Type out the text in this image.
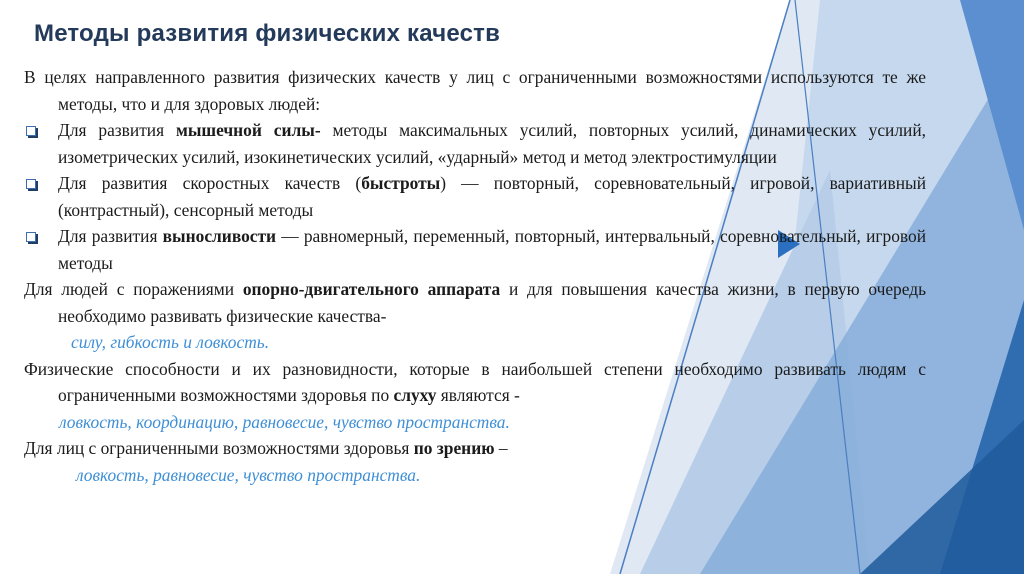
Методы развития физических качеств

В целях направленного развития физических качеств у лиц с ограниченными возможностями используются те же методы, что и для здоровых людей:

Для развития мышечной силы- методы максимальных усилий, повторных усилий, динамических усилий, изометрических усилий, изокинетических усилий, «ударный» метод и метод электростимуляции

Для развития скоростных качеств (быстроты) — повторный, соревновательный, игровой, вариативный (контрастный), сенсорный методы

Для развития выносливости — равномерный, переменный, повторный, интервальный, соревновательный, игровой методы

Для людей с поражениями опорно-двигательного аппарата и для повышения качества жизни, в первую очередь необходимо развивать физические качества-

силу, гибкость и ловкость.

Физические способности и их разновидности, которые в наибольшей степени необходимо развивать людям с ограниченными возможностями здоровья по слуху являются -

ловкость, координацию, равновесие, чувство пространства.

Для лиц с ограниченными возможностями здоровья по зрению –

ловкость, равновесие, чувство пространства.
